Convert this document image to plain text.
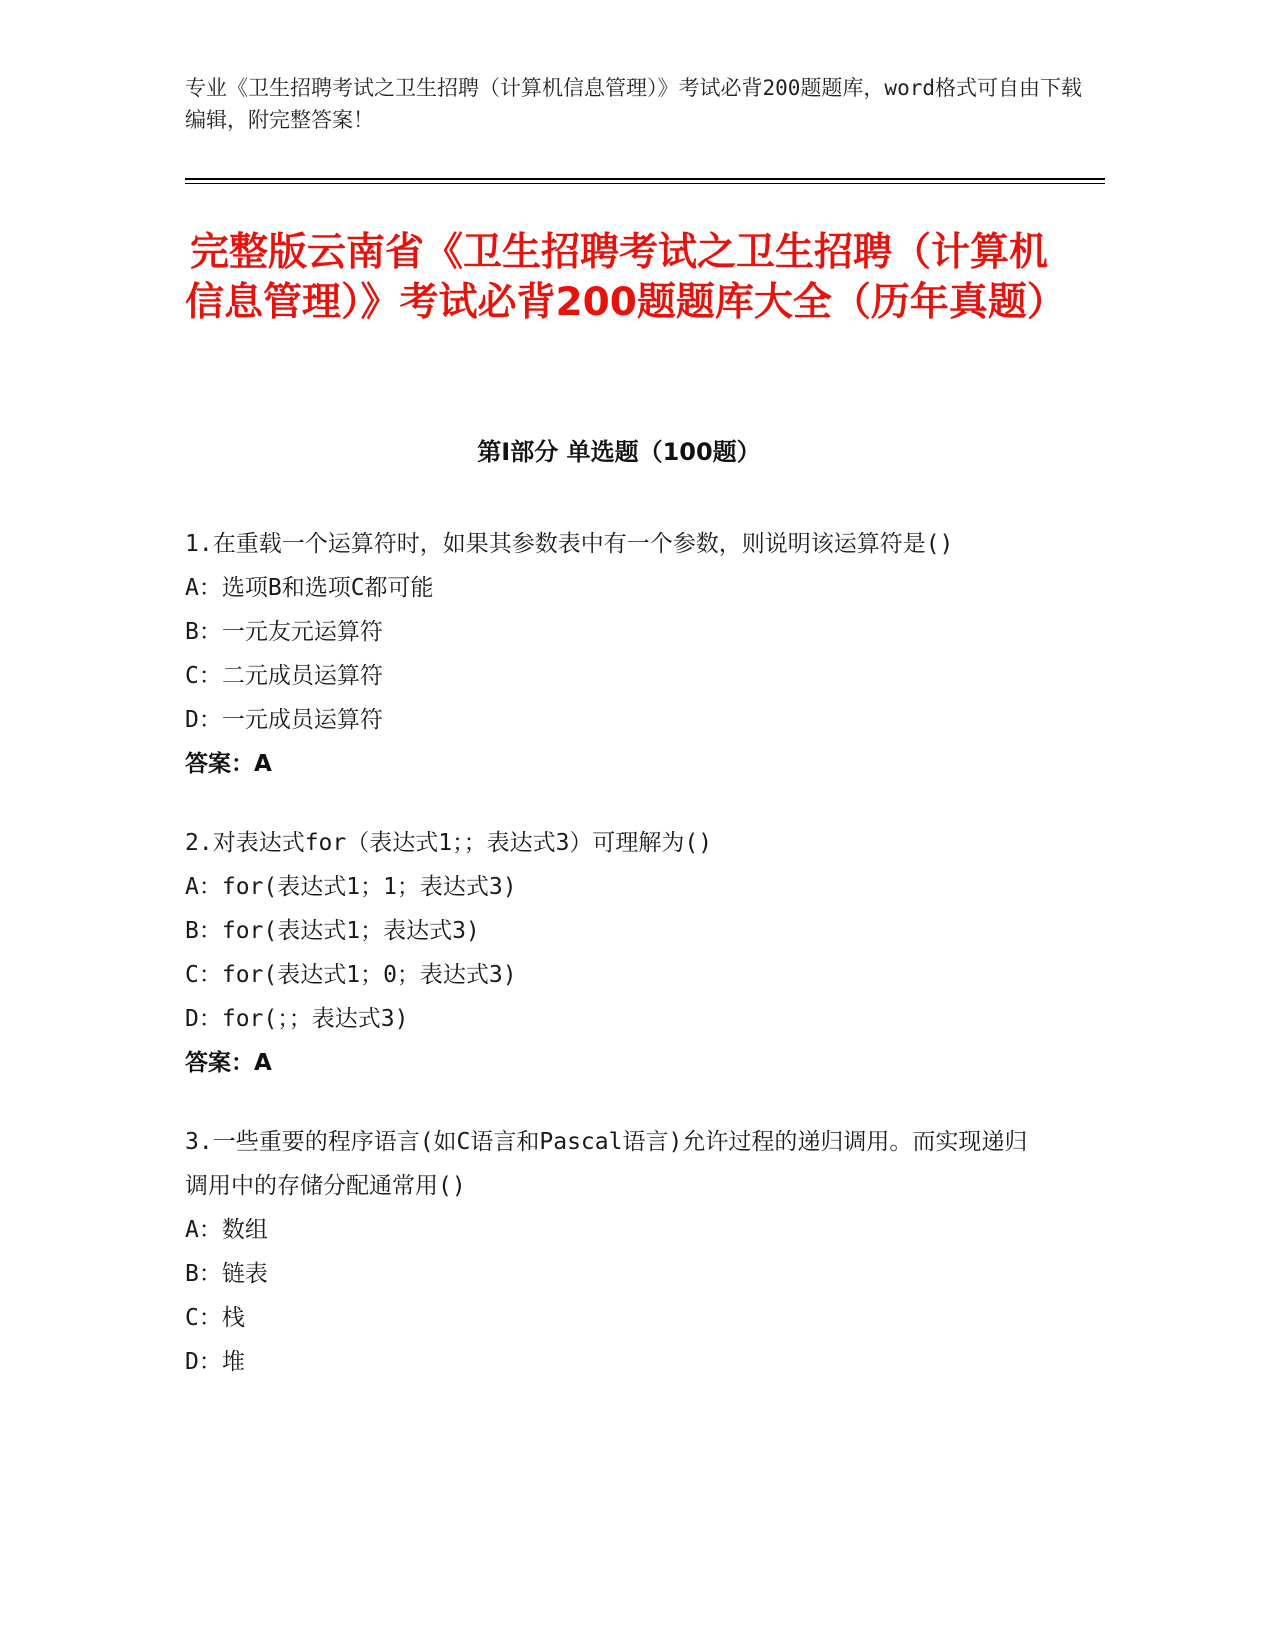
专业《卫生招聘考试之卫生招聘（计算机信息管理）》考试必背200题题库，word格式可自由下载编辑，附完整答案！
完整版云南省《卫生招聘考试之卫生招聘（计算机信息管理）》考试必背200题题库大全（历年真题）
第Ⅰ部分 单选题（100题）

1.在重载一个运算符时，如果其参数表中有一个参数，则说明该运算符是()

A：选项B和选项C都可能

B：一元友元运算符

C：二元成员运算符

D：一元成员运算符

答案：A

2.对表达式for（表达式1；；表达式3）可理解为()

A：for(表达式1；1；表达式3)

B：for(表达式1；表达式3)

C：for(表达式1；0；表达式3)

D：for(；；表达式3)

答案：A

3.一些重要的程序语言(如C语言和Pascal语言)允许过程的递归调用。而实现递归调用中的存储分配通常用()

A：数组

B：链表

C：栈

D：堆
